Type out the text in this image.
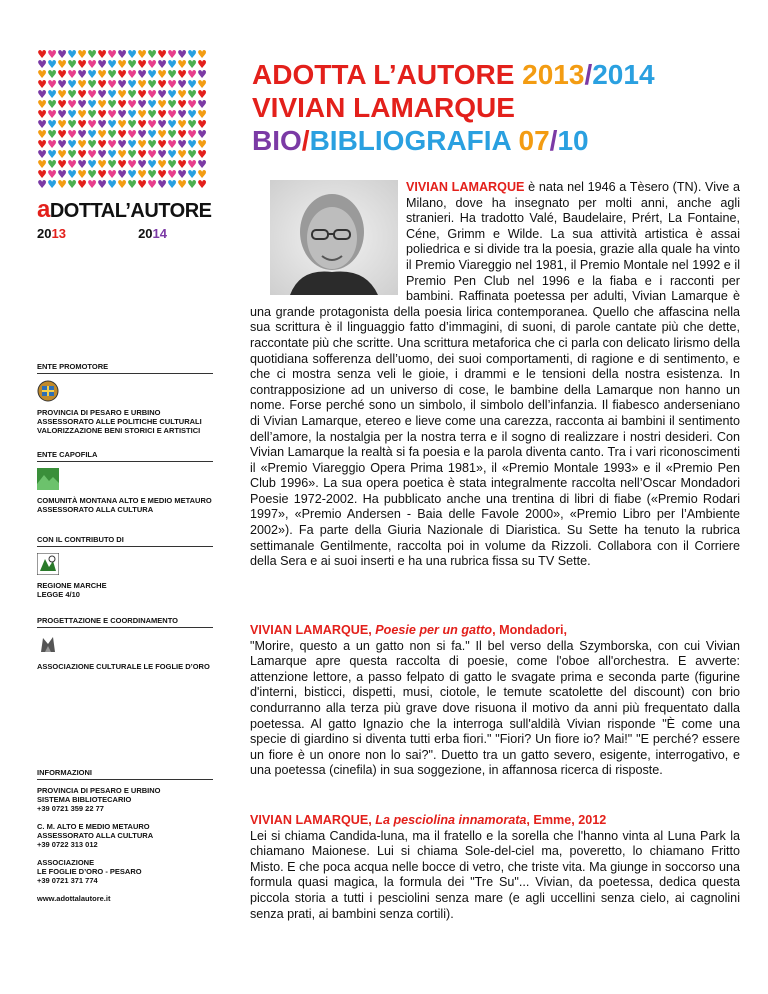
♥ ♥ ♥ ♥ ♥ ♥ ♥ ♥ ♥ ♥ ♥ ♥ ♥ ♥ ♥ ♥ ♥
♥ ♥ ♥ ♥ ♥ ♥ ♥ ♥ ♥ ♥ ♥ ♥ ♥ ♥ ♥ ♥ ♥
♥ ♥ ♥ ♥ ♥ ♥ ♥ ♥ ♥ ♥ ♥ ♥ ♥ ♥ ♥ ♥ ♥
♥ ♥ ♥ ♥ ♥ ♥ ♥ ♥ ♥ ♥ ♥ ♥ ♥ ♥ ♥ ♥ ♥
♥ ♥ ♥ ♥ ♥ ♥ ♥ ♥ ♥ ♥ ♥ ♥ ♥ ♥ ♥ ♥ ♥
♥ ♥ ♥ ♥ ♥ ♥ ♥ ♥ ♥ ♥ ♥ ♥ ♥ ♥ ♥ ♥ ♥
♥ ♥ ♥ ♥ ♥ ♥ ♥ ♥ ♥ ♥ ♥ ♥ ♥ ♥ ♥ ♥ ♥
♥ ♥ ♥ ♥ ♥ ♥ ♥ ♥ ♥ ♥ ♥ ♥ ♥ ♥ ♥ ♥ ♥
♥ ♥ ♥ ♥ ♥ ♥ ♥ ♥ ♥ ♥ ♥ ♥ ♥ ♥ ♥ ♥ ♥
♥ ♥ ♥ ♥ ♥ ♥ ♥ ♥ ♥ ♥ ♥ ♥ ♥ ♥ ♥ ♥ ♥
♥ ♥ ♥ ♥ ♥ ♥ ♥ ♥ ♥ ♥ ♥ ♥ ♥ ♥ ♥ ♥ ♥
♥ ♥ ♥ ♥ ♥ ♥ ♥ ♥ ♥ ♥ ♥ ♥ ♥ ♥ ♥ ♥ ♥
♥ ♥ ♥ ♥ ♥ ♥ ♥ ♥ ♥ ♥ ♥ ♥ ♥ ♥ ♥ ♥ ♥
♥ ♥ ♥ ♥ ♥ ♥ ♥ ♥ ♥ ♥ ♥ ♥ ♥ ♥ ♥ ♥ ♥
aDOTTAL’AUTORE
2013	2014
ENTE PROMOTORE
PROVINCIA DI PESARO E URBINO
ASSESSORATO ALLE POLITICHE CULTURALI
VALORIZZAZIONE BENI STORICI E ARTISTICI
ENTE CAPOFILA
COMUNITÀ MONTANA ALTO E MEDIO METAURO
ASSESSORATO ALLA CULTURA
CON IL CONTRIBUTO DI
REGIONE MARCHE
LEGGE 4/10
PROGETTAZIONE E COORDINAMENTO
ASSOCIAZIONE CULTURALE LE FOGLIE D’ORO
INFORMAZIONI
PROVINCIA DI PESARO E URBINO
SISTEMA BIBLIOTECARIO
+39 0721 359 22 77
C. M. ALTO E MEDIO METAURO
ASSESSORATO ALLA CULTURA
+39 0722 313 012
ASSOCIAZIONE
LE FOGLIE D’ORO - PESARO
+39 0721 371 774
www.adottalautore.it
ADOTTA L’AUTORE 2013/2014
VIVIAN LAMARQUE
BIO/BIBLIOGRAFIA 07/10
VIVIAN LAMARQUE è nata nel 1946 a Tèsero (TN). Vive a Milano, dove ha insegnato per molti anni, anche agli stranieri. Ha tradotto Valé, Baudelaire, Prért, La Fontaine, Céne, Grimm e Wilde. La sua attività artistica è assai poliedrica e si divide tra la poesia, grazie alla quale ha vinto il Premio Viareggio nel 1981, il Premio Montale nel 1992 e il Premio Pen Club nel 1996 e la fiaba e i racconti per bambini. Raffinata poetessa per adulti, Vivian Lamarque è una grande protagonista della poesia lirica contemporanea. Quello che affascina nella sua scrittura è il linguaggio fatto d’immagini, di suoni, di parole cantate più che dette, raccontate più che scritte. Una scrittura metaforica che ci parla con delicato lirismo della quotidiana sofferenza dell’uomo, dei suoi comportamenti, di ragione e di sentimento, e che ci mostra senza veli le gioie, i drammi e le tensioni della nostra esistenza. In contrapposizione ad un universo di cose, le bambine della Lamarque non hanno un nome. Forse perché sono un simbolo, il simbolo dell’infanzia. Il fiabesco anderseniano di Vivian Lamarque, etereo e lieve come una carezza, racconta ai bambini il sentimento dell’amore, la nostalgia per la nostra terra e il sogno di realizzare i nostri desideri. Con Vivian Lamarque la realtà si fa poesia e la parola diventa canto. Tra i vari riconoscimenti il «Premio Viareggio Opera Prima 1981», il «Premio Montale 1993» e il «Premio Pen Club 1996». La sua opera poetica è stata integralmente raccolta nell’Oscar Mondadori Poesie 1972-2002. Ha pubblicato anche una trentina di libri di fiabe («Premio Rodari 1997», «Premio Andersen - Baia delle Favole 2000», «Premio Libro per l’Ambiente 2002»). Fa parte della Giuria Nazionale di Diaristica. Su Sette ha tenuto la rubrica settimanale Gentilmente, raccolta poi in volume da Rizzoli. Collabora con il Corriere della Sera e ai suoi inserti e ha una rubrica fissa su TV Sette.
VIVIAN LAMARQUE, Poesie per un gatto, Mondadori,
"Morire, questo a un gatto non si fa." Il bel verso della Szymborska, con cui Vivian Lamarque apre questa raccolta di poesie, come l'oboe all'orchestra. E avverte: attenzione lettore, a passo felpato di gatto le svagate prima e seconda parte (figurine d'interni, bisticci, dispetti, musi, ciotole, le temute scatolette del discount) con brio condurranno alla terza più grave dove risuona il motivo da anni più frequentato dalla poetessa. Al gatto Ignazio che la interroga sull'aldilà Vivian risponde "È come una specie di giardino si diventa tutti erba fiori." "Fiori? Un fiore io? Mai!" "E perché? essere un fiore è un onore non lo sai?". Duetto tra un gatto severo, esigente, interrogativo, e una poetessa (cinefila) in sua soggezione, in affannosa ricerca di risposte.
VIVIAN LAMARQUE, La pesciolina innamorata, Emme, 2012
Lei si chiama Candida-luna, ma il fratello e la sorella che l'hanno vinta al Luna Park la chiamano Maionese. Lui si chiama Sole-del-ciel ma, poveretto, lo chiamano Fritto Misto. E che poca acqua nelle bocce di vetro, che triste vita. Ma giunge in soccorso una formula quasi magica, la formula dei "Tre Su"... Vivian, da poetessa, dedica questa piccola storia a tutti i pesciolini senza mare (e agli uccellini senza cielo, ai cagnolini senza prati, ai bambini senza cortili).
